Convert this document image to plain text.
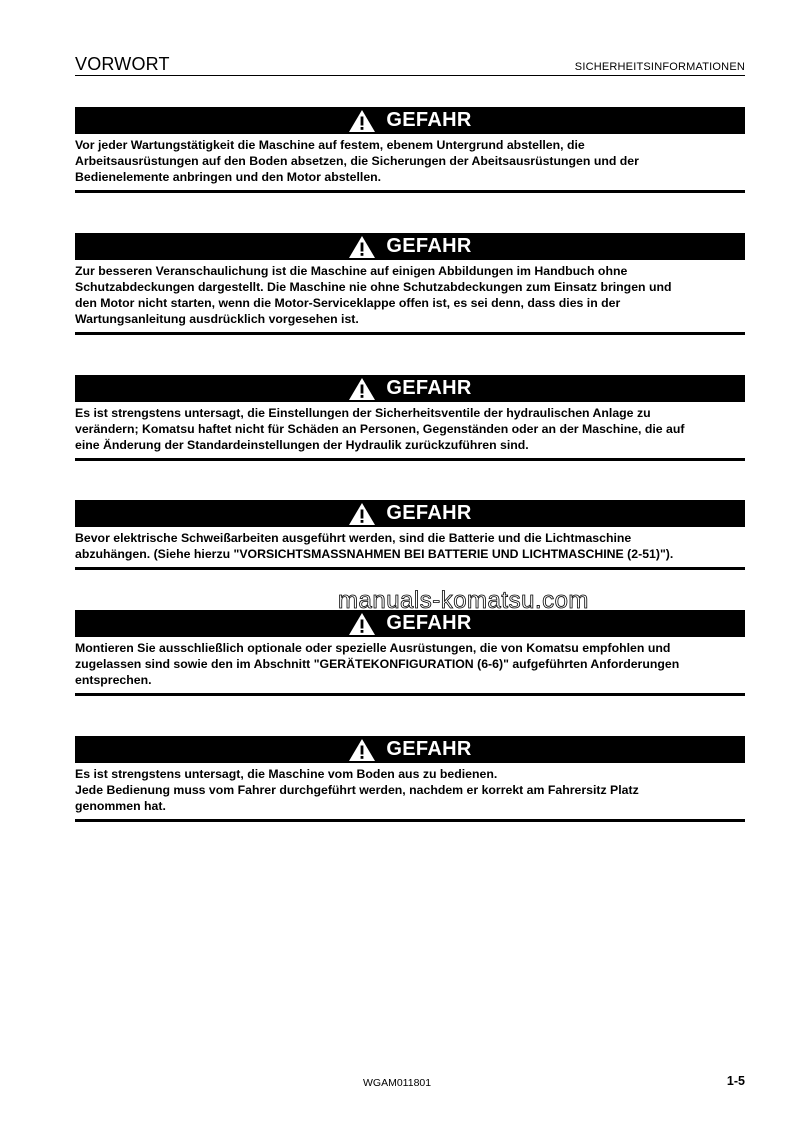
VORWORT	SICHERHEITSINFORMATIONEN
GEFAHR
Vor jeder Wartungstätigkeit die Maschine auf festem, ebenem Untergrund abstellen, die
Arbeitsausrüstungen auf den Boden absetzen, die Sicherungen der Abeitsausrüstungen und der
Bedienelemente anbringen und den Motor abstellen.
GEFAHR
Zur besseren Veranschaulichung ist die Maschine auf einigen Abbildungen im Handbuch ohne
Schutzabdeckungen dargestellt. Die Maschine nie ohne Schutzabdeckungen zum Einsatz bringen und
den Motor nicht starten, wenn die Motor-Serviceklappe offen ist, es sei denn, dass dies in der
Wartungsanleitung ausdrücklich vorgesehen ist.
GEFAHR
Es ist strengstens untersagt, die Einstellungen der Sicherheitsventile der hydraulischen Anlage zu
verändern; Komatsu haftet nicht für Schäden an Personen, Gegenständen oder an der Maschine, die auf
eine Änderung der Standardeinstellungen der Hydraulik zurückzuführen sind.
GEFAHR
Bevor elektrische Schweißarbeiten ausgeführt werden, sind die Batterie und die Lichtmaschine
abzuhängen. (Siehe hierzu "VORSICHTSMASSNAHMEN BEI BATTERIE UND LICHTMASCHINE (2-51)").
GEFAHR
Montieren Sie ausschließlich optionale oder spezielle Ausrüstungen, die von Komatsu empfohlen und
zugelassen sind sowie den im Abschnitt "GERÄTEKONFIGURATION (6-6)" aufgeführten Anforderungen
entsprechen.
GEFAHR
Es ist strengstens untersagt, die Maschine vom Boden aus zu bedienen.
Jede Bedienung muss vom Fahrer durchgeführt werden, nachdem er korrekt am Fahrersitz Platz
genommen hat.
manuals-komatsu.com
WGAM011801	1-5
